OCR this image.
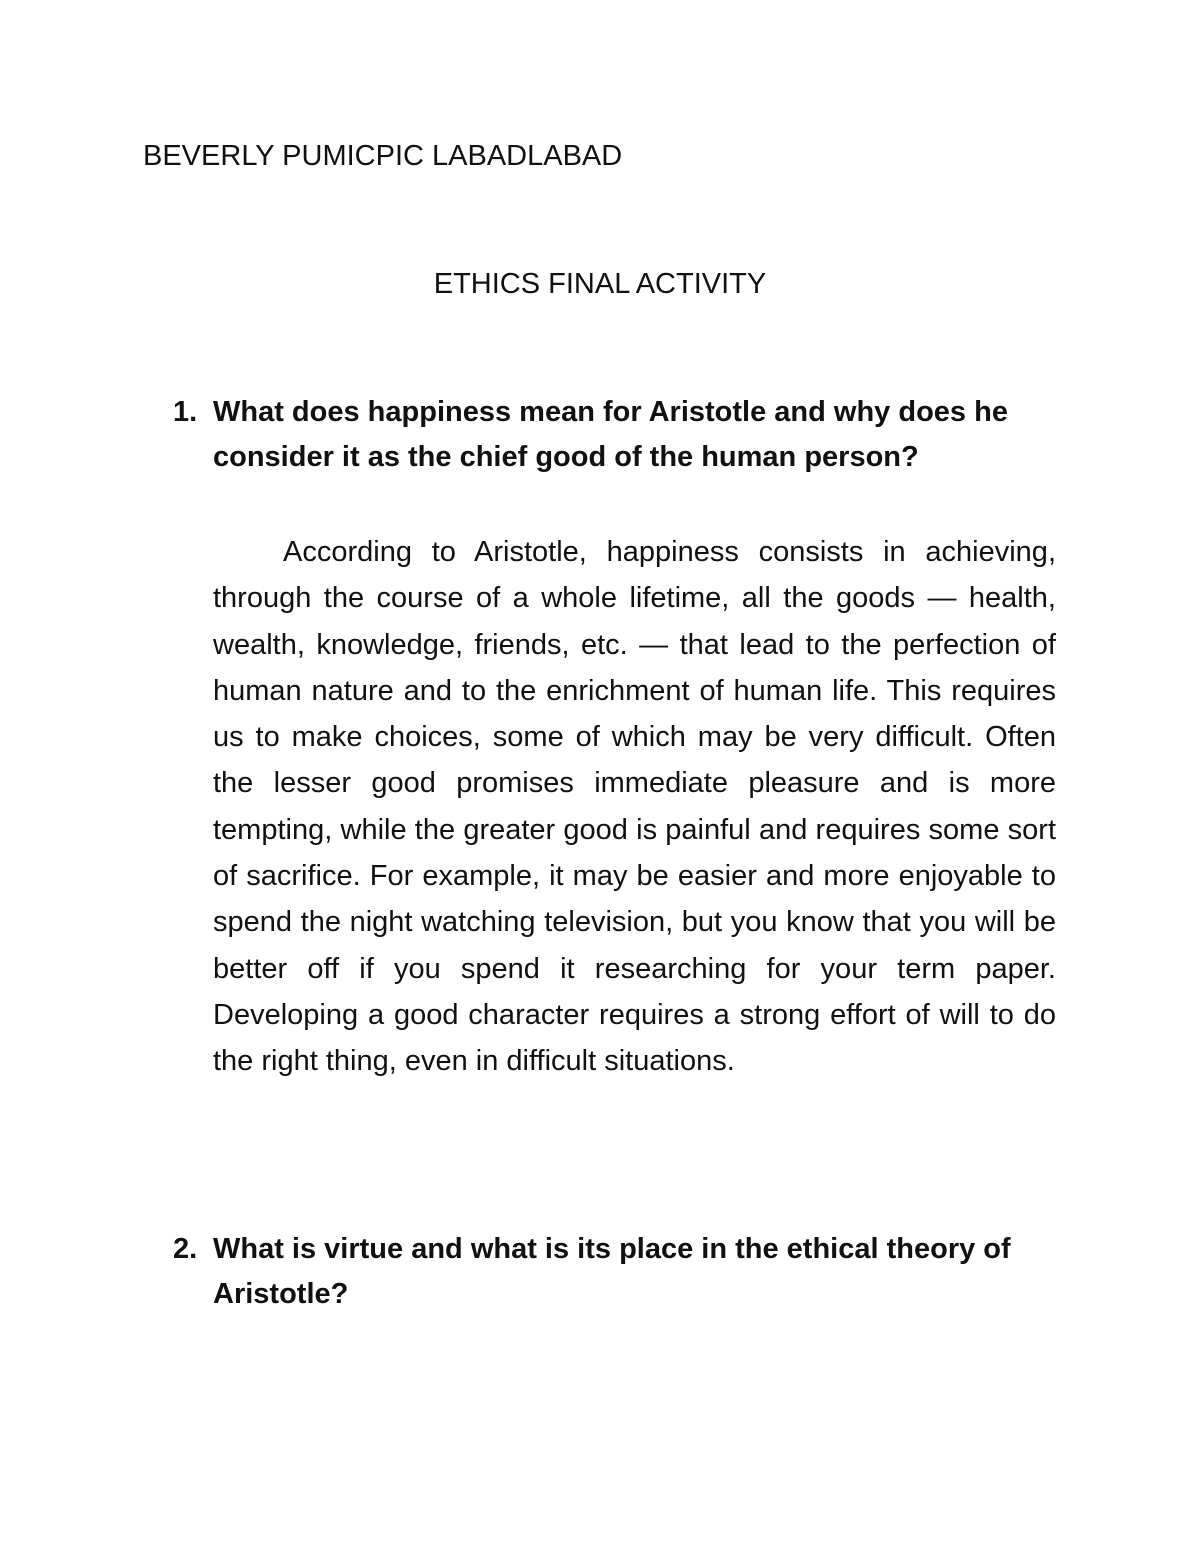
BEVERLY PUMICPIC LABADLABAD

ETHICS FINAL ACTIVITY

1. What does happiness mean for Aristotle and why does he consider it as the chief good of the human person?

According to Aristotle, happiness consists in achieving, through the course of a whole lifetime, all the goods — health, wealth, knowledge, friends, etc. — that lead to the perfection of human nature and to the enrichment of human life. This requires us to make choices, some of which may be very difficult. Often the lesser good promises immediate pleasure and is more tempting, while the greater good is painful and requires some sort of sacrifice. For example, it may be easier and more enjoyable to spend the night watching television, but you know that you will be better off if you spend it researching for your term paper. Developing a good character requires a strong effort of will to do the right thing, even in difficult situations.

2. What is virtue and what is its place in the ethical theory of Aristotle?
